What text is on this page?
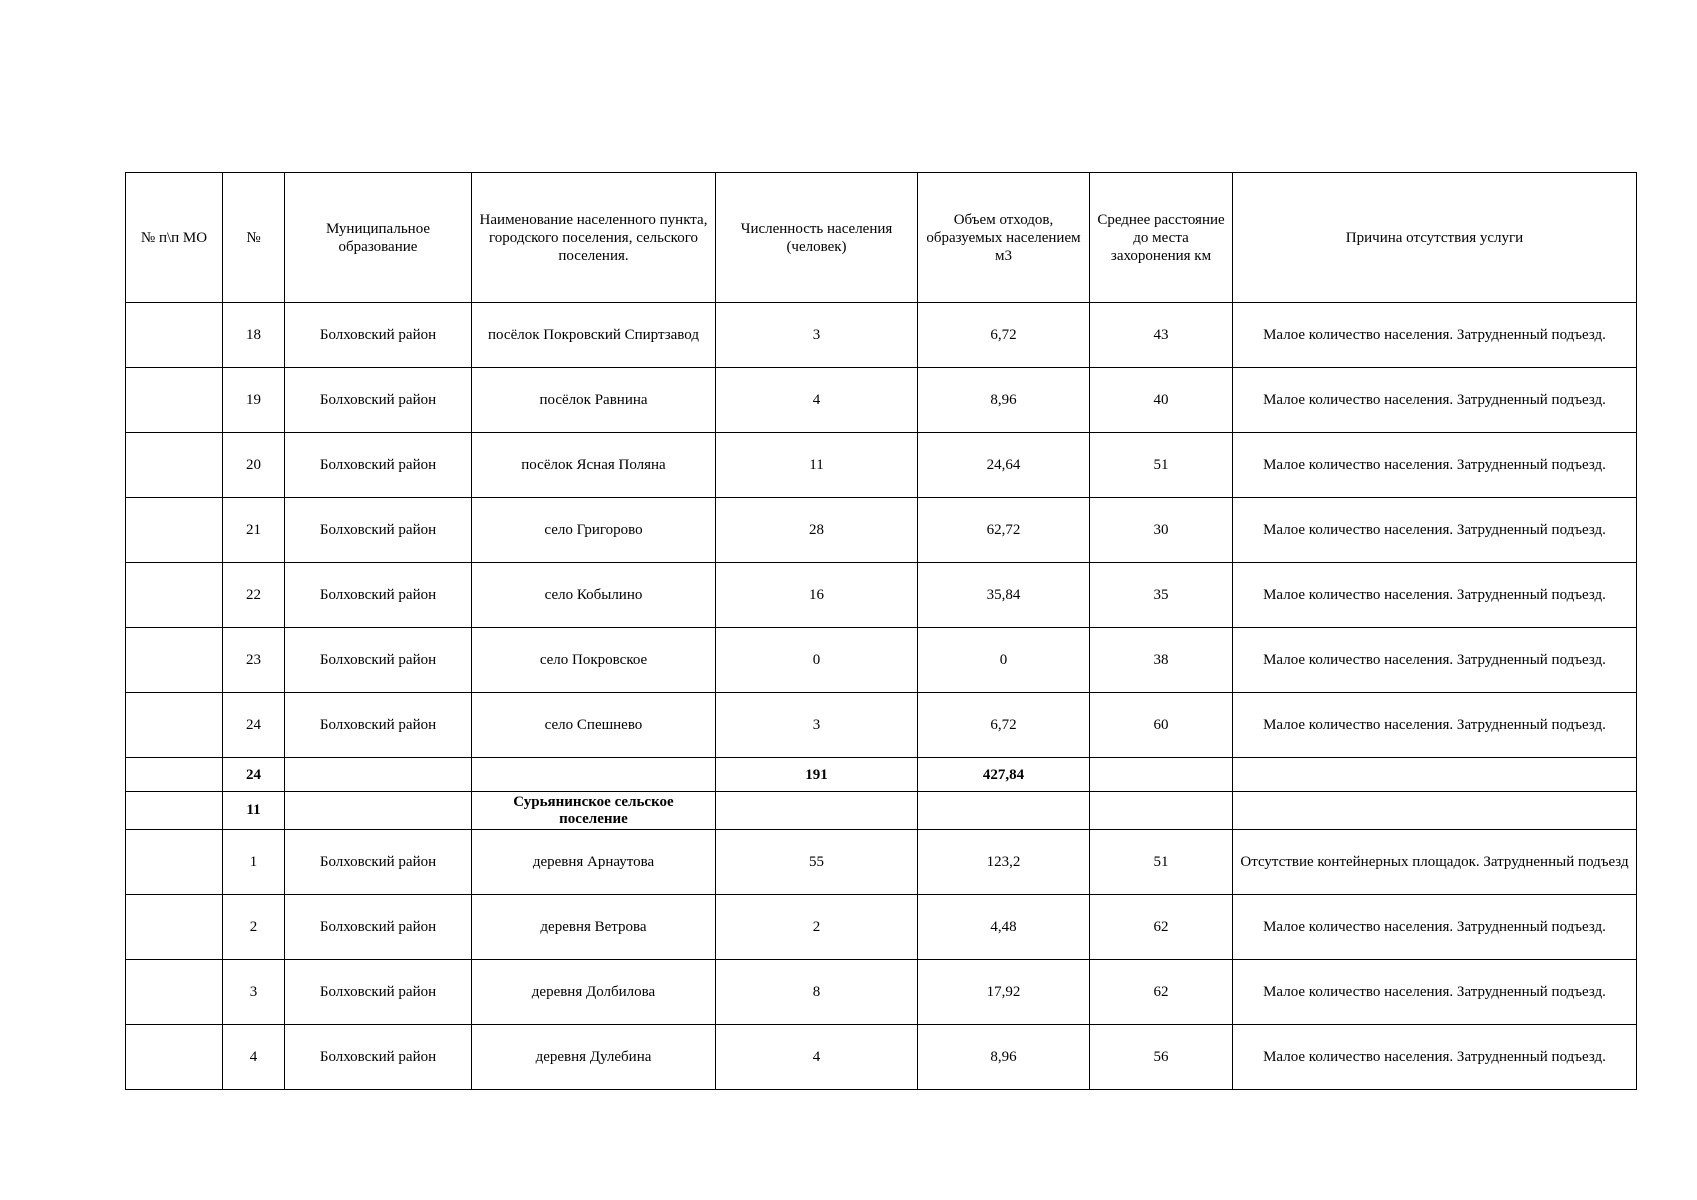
№ п\п МО	№	Муниципальное образование	Наименование населенного пункта, городского поселения, сельского поселения.	Численность населения (человек)	Объем отходов, образуемых населением м3	Среднее расстояние до места захоронения км	Причина отсутствия услуги
	18	Болховский район	посёлок Покровский Спиртзавод	3	6,72	43	Малое количество населения. Затрудненный подъезд.
	19	Болховский район	посёлок Равнина	4	8,96	40	Малое количество населения. Затрудненный подъезд.
	20	Болховский район	посёлок Ясная Поляна	11	24,64	51	Малое количество населения. Затрудненный подъезд.
	21	Болховский район	село Григорово	28	62,72	30	Малое количество населения. Затрудненный подъезд.
	22	Болховский район	село Кобылино	16	35,84	35	Малое количество населения. Затрудненный подъезд.
	23	Болховский район	село Покровское	0	0	38	Малое количество населения. Затрудненный подъезд.
	24	Болховский район	село Спешнево	3	6,72	60	Малое количество населения. Затрудненный подъезд.
	24			191	427,84		
	11		Сурьянинское сельское поселение				
	1	Болховский район	деревня Арнаутова	55	123,2	51	Отсутствие контейнерных площадок. Затрудненный подъезд
	2	Болховский район	деревня Ветрова	2	4,48	62	Малое количество населения. Затрудненный подъезд.
	3	Болховский район	деревня Долбилова	8	17,92	62	Малое количество населения. Затрудненный подъезд.
	4	Болховский район	деревня Дулебина	4	8,96	56	Малое количество населения. Затрудненный подъезд.
